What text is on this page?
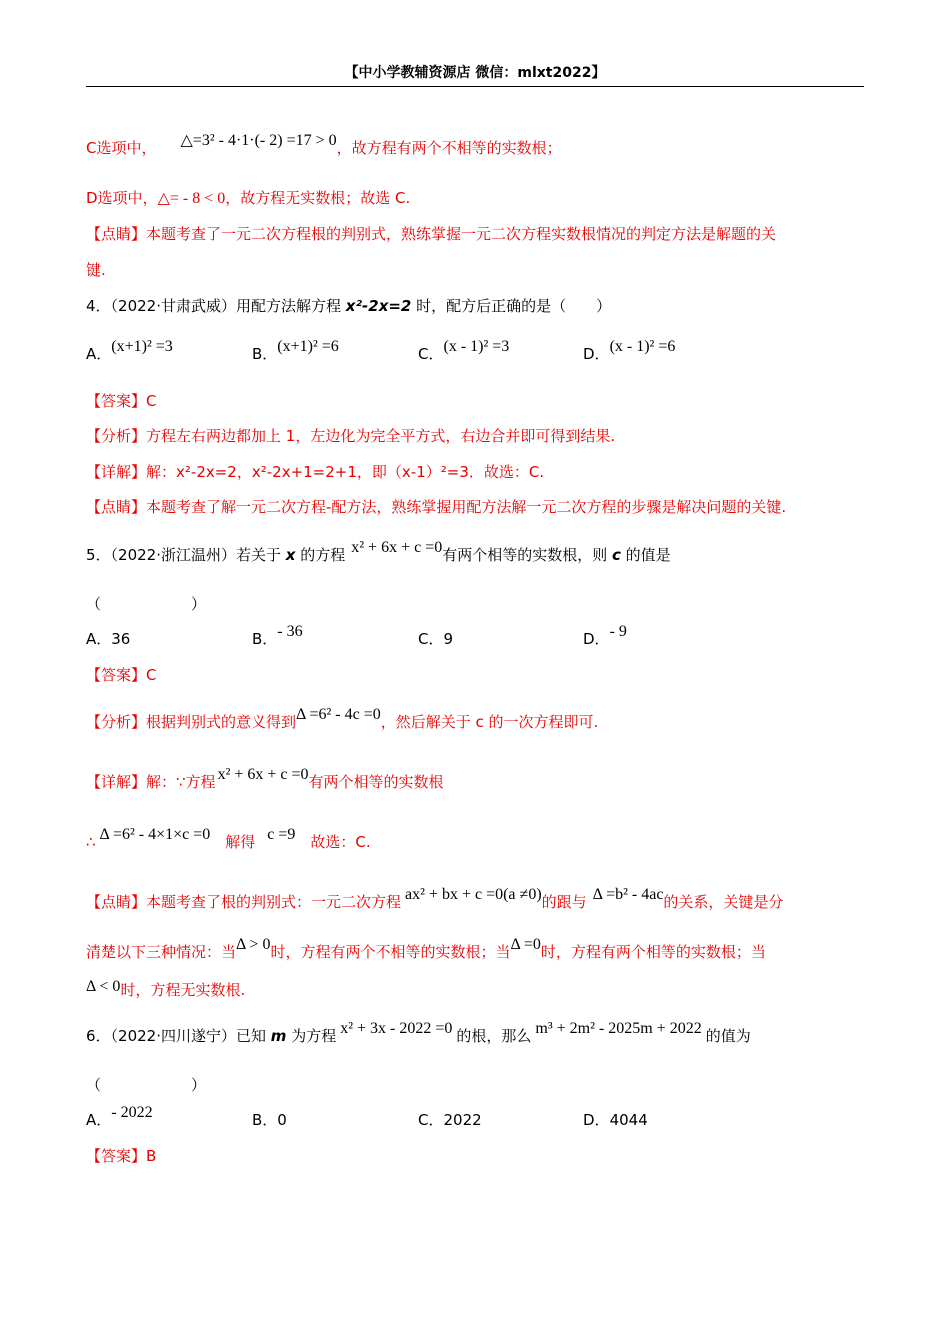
【中小学教辅资源店 微信：mlxt2022】
C选项中， △=3² - 4·1·(- 2) =17 > 0，故方程有两个不相等的实数根；
D选项中，△= - 8 < 0，故方程无实数根；故选 C.
【点睛】本题考查了一元二次方程根的判别式，熟练掌握一元二次方程实数根情况的判定方法是解题的关
键.
4．（2022·甘肃武威）用配方法解方程 x²-2x=2 时，配方后正确的是（　　）
A．(x+1)² =3	B．(x+1)² =6	C．(x - 1)² =3	D．(x - 1)² =6
【答案】C
【分析】方程左右两边都加上 1，左边化为完全平方式，右边合并即可得到结果.
【详解】解：x²-2x=2，x²-2x+1=2+1，即（x-1）²=3．故选：C.
【点睛】本题考查了解一元二次方程-配方法，熟练掌握用配方法解一元二次方程的步骤是解决问题的关键.
5．（2022·浙江温州）若关于 x 的方程 x² + 6x + c =0有两个相等的实数根，则 c 的值是
（　　　　　　）
A．36	B．- 36	C．9	D．- 9
【答案】C
【分析】根据判别式的意义得到Δ =6² - 4c =0，然后解关于 c 的一次方程即可.
【详解】解：∵方程 x² + 6x + c =0有两个相等的实数根
∴ Δ =6² - 4×1×c =0　解得 c =9　故选：C.
【点睛】本题考查了根的判别式：一元二次方程 ax² + bx + c =0(a ≠0)的跟与 Δ =b² - 4ac的关系，关键是分
清楚以下三种情况：当Δ > 0时，方程有两个不相等的实数根；当Δ =0时，方程有两个相等的实数根；当
Δ < 0时，方程无实数根.
6．（2022·四川遂宁）已知 m 为方程 x² + 3x - 2022 =0 的根，那么 m³ + 2m² - 2025m + 2022 的值为
（　　　　　　）
A．- 2022	B．0	C．2022	D．4044
【答案】B
